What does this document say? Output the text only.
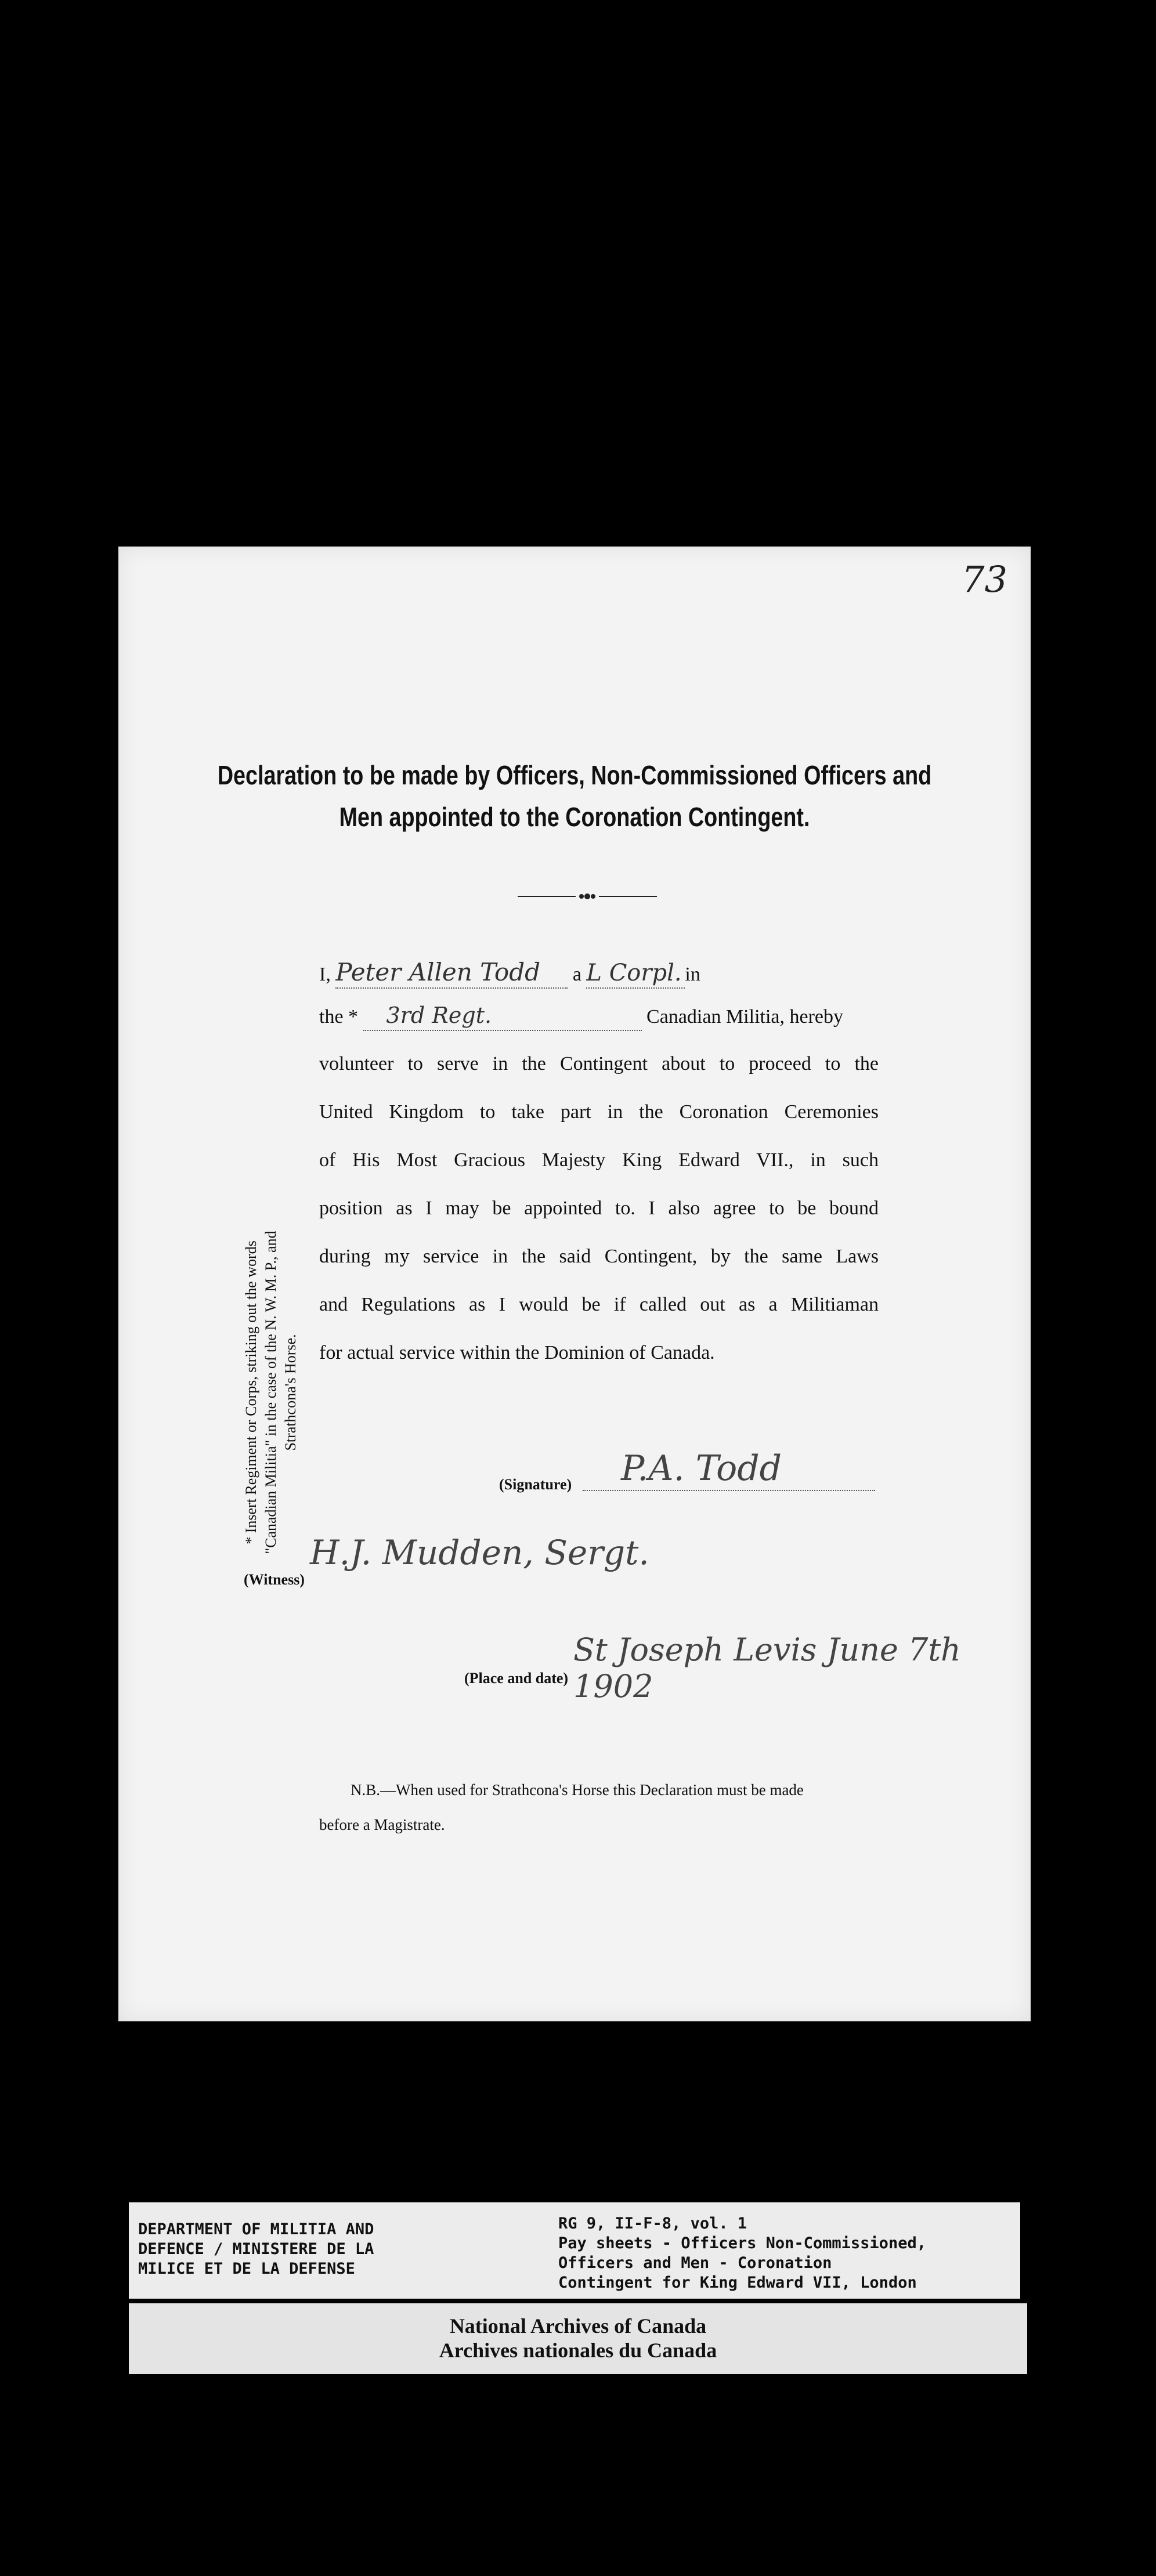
73
Declaration to be made by Officers, Non-Commissioned Officers and
Men appointed to the Coronation Contingent.
I, Peter Allen Todd a L Corpl. in
the * 3rd Regt.	Canadian Militia, hereby
volunteer to serve in the Contingent about to proceed to the
United Kingdom to take part in the Coronation Ceremonies
of His Most Gracious Majesty King Edward VII., in such
position as I may be appointed to. I also agree to be bound
during my service in the said Contingent, by the same Laws
and Regulations as I would be if called out as a Militiaman
for actual service within the Dominion of Canada.
* Insert Regiment or Corps, striking out the words "Canadian Militia" in the case of the N. W. M. P., and Strathcona's Horse.
(Signature) P.A. Todd
(Witness)
H.J. Mudden, Sergt.
(Place and date)
St Joseph Levis June 7th 1902
N.B.—When used for Strathcona's Horse this Declaration must be made
before a Magistrate.
DEPARTMENT OF MILITIA AND
DEFENCE / MINISTERE DE LA
MILICE ET DE LA DEFENSE
RG 9, II-F-8, vol. 1
Pay sheets - Officers Non-Commissioned,
Officers and Men - Coronation
Contingent for King Edward VII, London
National Archives of Canada
Archives nationales du Canada
